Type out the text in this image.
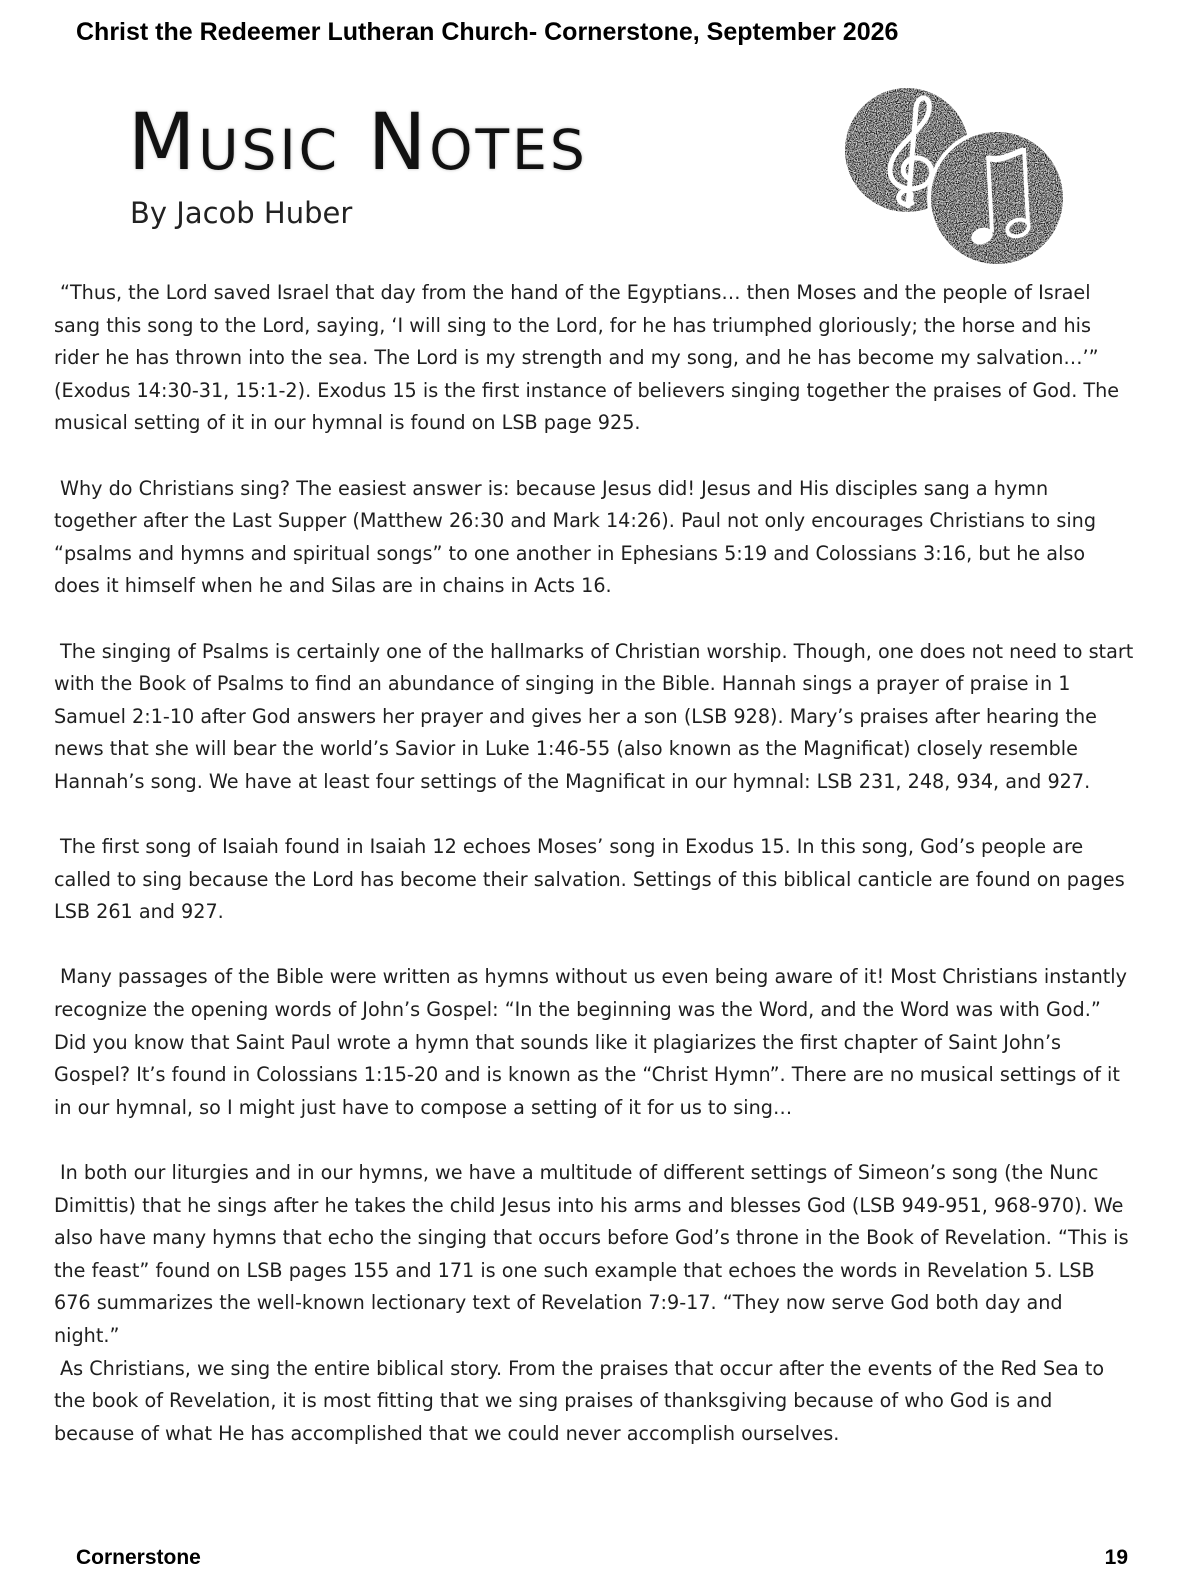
Christ the Redeemer Lutheran Church- Cornerstone, September 2026
Music Notes
By Jacob Huber

“Thus, the Lord saved Israel that day from the hand of the Egyptians… then Moses and the people of Israel sang this song to the Lord, saying, ‘I will sing to the Lord, for he has triumphed gloriously; the horse and his rider he has thrown into the sea. The Lord is my strength and my song, and he has become my salvation…’” (Exodus 14:30-31, 15:1-2). Exodus 15 is the first instance of believers singing together the praises of God. The musical setting of it in our hymnal is found on LSB page 925.

Why do Christians sing? The easiest answer is: because Jesus did! Jesus and His disciples sang a hymn together after the Last Supper (Matthew 26:30 and Mark 14:26). Paul not only encourages Christians to sing “psalms and hymns and spiritual songs” to one another in Ephesians 5:19 and Colossians 3:16, but he also does it himself when he and Silas are in chains in Acts 16.

The singing of Psalms is certainly one of the hallmarks of Christian worship. Though, one does not need to start with the Book of Psalms to find an abundance of singing in the Bible. Hannah sings a prayer of praise in 1 Samuel 2:1-10 after God answers her prayer and gives her a son (LSB 928). Mary’s praises after hearing the news that she will bear the world’s Savior in Luke 1:46-55 (also known as the Magnificat) closely resemble Hannah’s song. We have at least four settings of the Magnificat in our hymnal: LSB 231, 248, 934, and 927.

The first song of Isaiah found in Isaiah 12 echoes Moses’ song in Exodus 15. In this song, God’s people are called to sing because the Lord has become their salvation. Settings of this biblical canticle are found on pages LSB 261 and 927.

Many passages of the Bible were written as hymns without us even being aware of it! Most Christians instantly recognize the opening words of John’s Gospel: “In the beginning was the Word, and the Word was with God.” Did you know that Saint Paul wrote a hymn that sounds like it plagiarizes the first chapter of Saint John’s Gospel? It’s found in Colossians 1:15-20 and is known as the “Christ Hymn”. There are no musical settings of it in our hymnal, so I might just have to compose a setting of it for us to sing…

In both our liturgies and in our hymns, we have a multitude of different settings of Simeon’s song (the Nunc Dimittis) that he sings after he takes the child Jesus into his arms and blesses God (LSB 949-951, 968-970). We also have many hymns that echo the singing that occurs before God’s throne in the Book of Revelation. “This is the feast” found on LSB pages 155 and 171 is one such example that echoes the words in Revelation 5. LSB 676 summarizes the well-known lectionary text of Revelation 7:9-17. “They now serve God both day and night.”

As Christians, we sing the entire biblical story. From the praises that occur after the events of the Red Sea to the book of Revelation, it is most fitting that we sing praises of thanksgiving because of who God is and because of what He has accomplished that we could never accomplish ourselves.

Cornerstone	19
